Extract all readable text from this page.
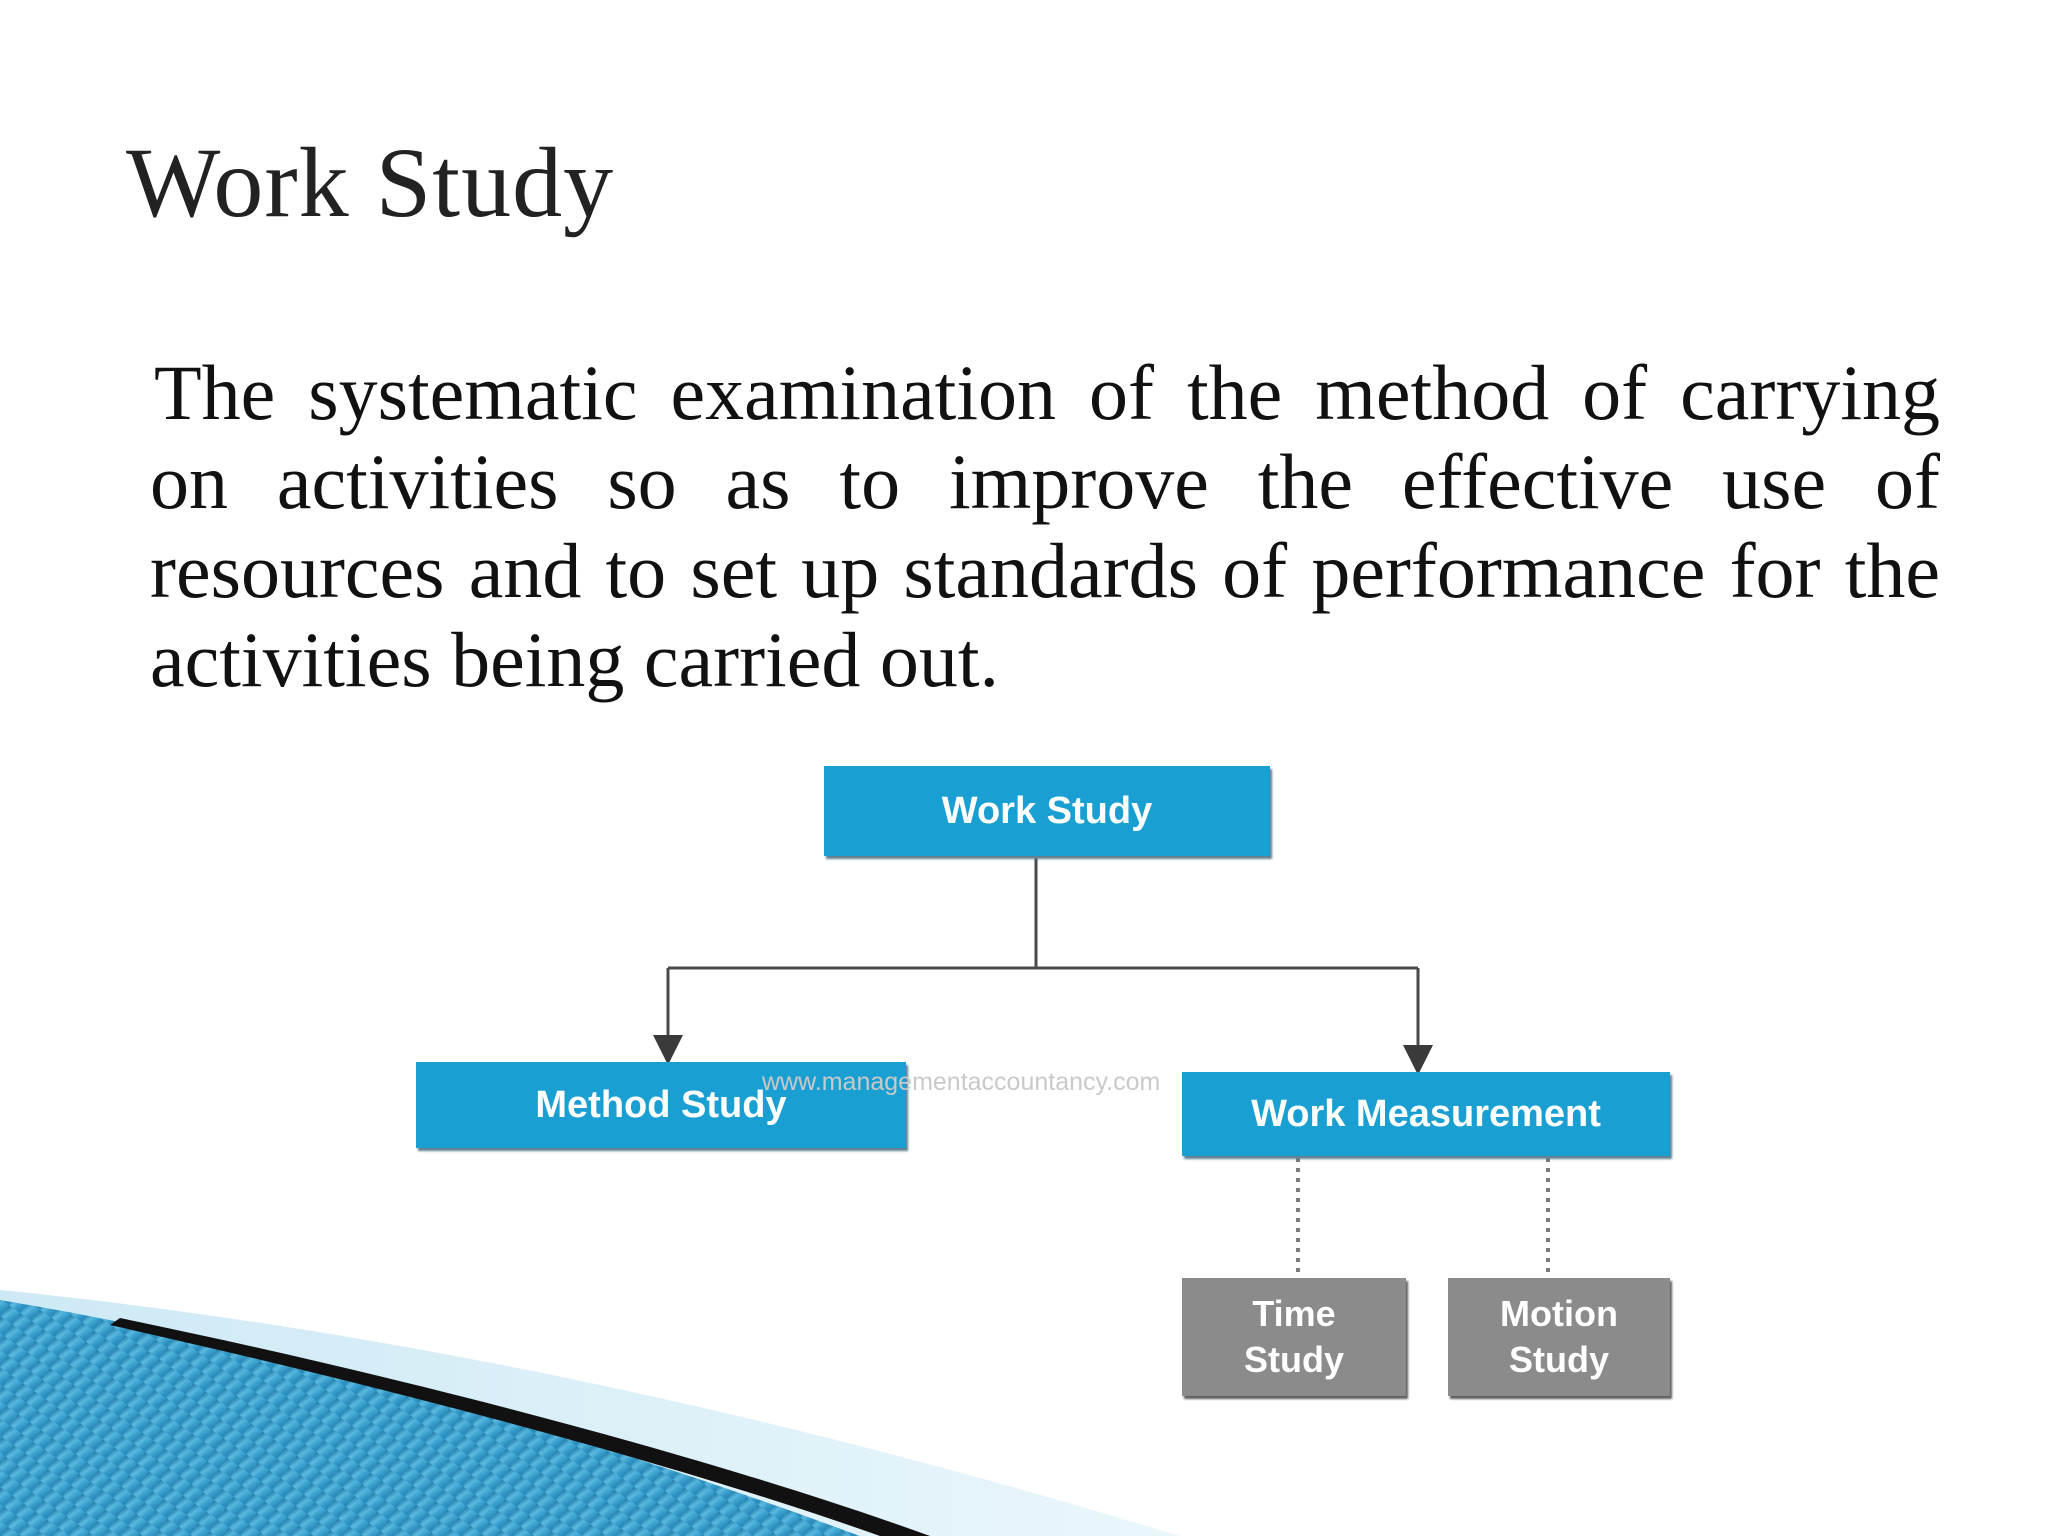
Work Study

The systematic examination of the method of carrying on activities so as to improve the effective use of resources and to set up standards of performance for the activities being carried out.

Work Study
Method Study	Work Measurement
Time
Study
Motion
Study
www.managementaccountancy.com
